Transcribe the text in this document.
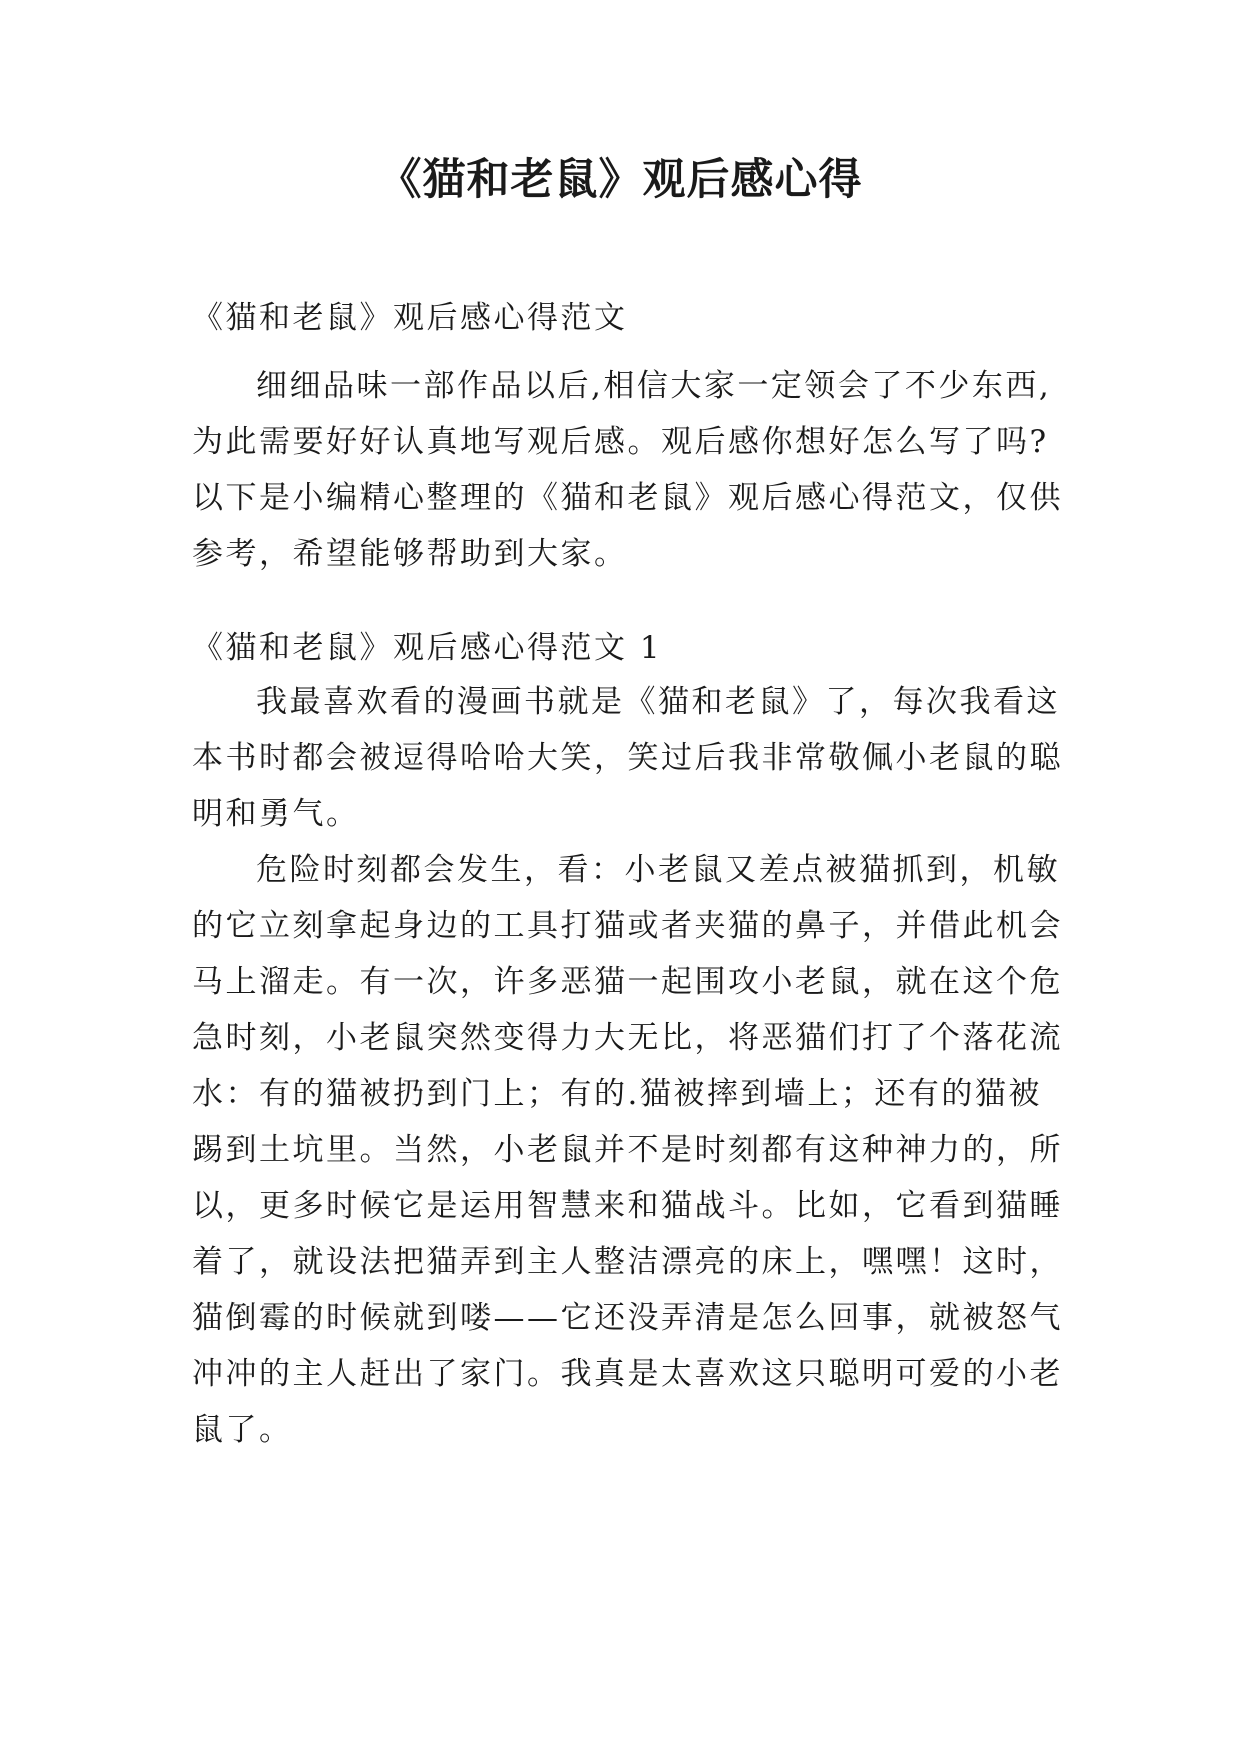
《猫和老鼠》观后感心得

《猫和老鼠》观后感心得范文

细细品味一部作品以后,相信大家一定领会了不少东西,

为此需要好好认真地写观后感。观后感你想好怎么写了吗?

以下是小编精心整理的《猫和老鼠》观后感心得范文，仅供

参考，希望能够帮助到大家。

《猫和老鼠》观后感心得范文 1

我最喜欢看的漫画书就是《猫和老鼠》了，每次我看这

本书时都会被逗得哈哈大笑，笑过后我非常敬佩小老鼠的聪

明和勇气。

危险时刻都会发生，看：小老鼠又差点被猫抓到，机敏

的它立刻拿起身边的工具打猫或者夹猫的鼻子，并借此机会

马上溜走。有一次，许多恶猫一起围攻小老鼠，就在这个危

急时刻，小老鼠突然变得力大无比，将恶猫们打了个落花流

水：有的猫被扔到门上；有的.猫被摔到墙上；还有的猫被

踢到土坑里。当然，小老鼠并不是时刻都有这种神力的，所

以，更多时候它是运用智慧来和猫战斗。比如，它看到猫睡

着了，就设法把猫弄到主人整洁漂亮的床上，嘿嘿！这时，

猫倒霉的时候就到喽——它还没弄清是怎么回事，就被怒气

冲冲的主人赶出了家门。我真是太喜欢这只聪明可爱的小老

鼠了。
